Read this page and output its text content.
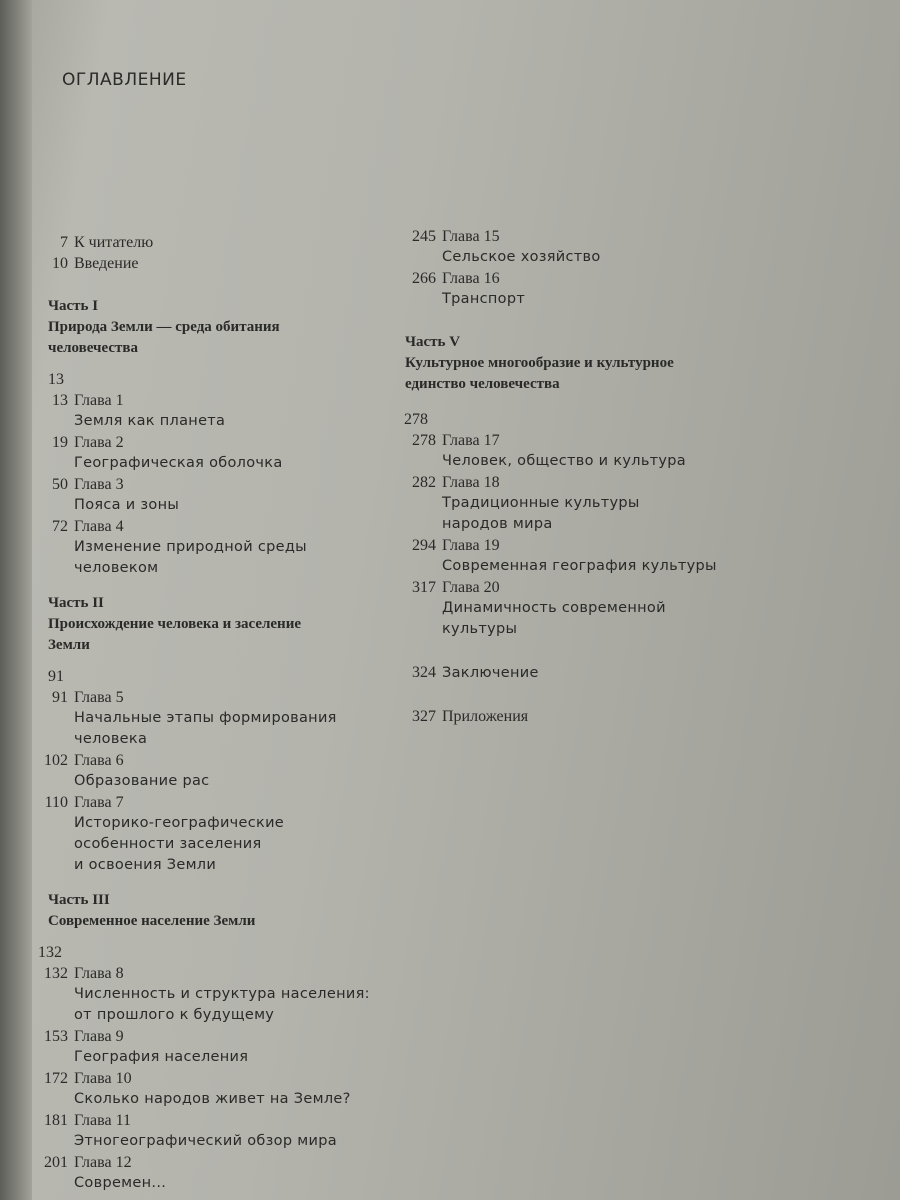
ОГЛАВЛЕНИЕ
7 К читателю
10 Введение
Часть I
Природа Земли — среда обитания
человечества
13
13 Глава 1
Земля как планета
19 Глава 2
Географическая оболочка
50 Глава 3
Пояса и зоны
72 Глава 4
Изменение природной среды
человеком
Часть II
Происхождение человека и заселение
Земли
91
91 Глава 5
Начальные этапы формирования
человека
102 Глава 6
Образование рас
110 Глава 7
Историко-географические
особенности заселения
и освоения Земли
Часть III
Современное население Земли
132
132 Глава 8
Численность и структура населения:
от прошлого к будущему
153 Глава 9
География населения
172 Глава 10
Сколько народов живет на Земле?
181 Глава 11
Этногеографический обзор мира
201 Глава 12
Современ...
245 Глава 15
Сельское хозяйство
266 Глава 16
Транспорт
Часть V
Культурное многообразие и культурное
единство человечества
278
278 Глава 17
Человек, общество и культура
282 Глава 18
Традиционные культуры
народов мира
294 Глава 19
Современная география культуры
317 Глава 20
Динамичность современной
культуры
324 Заключение
327 Приложения
